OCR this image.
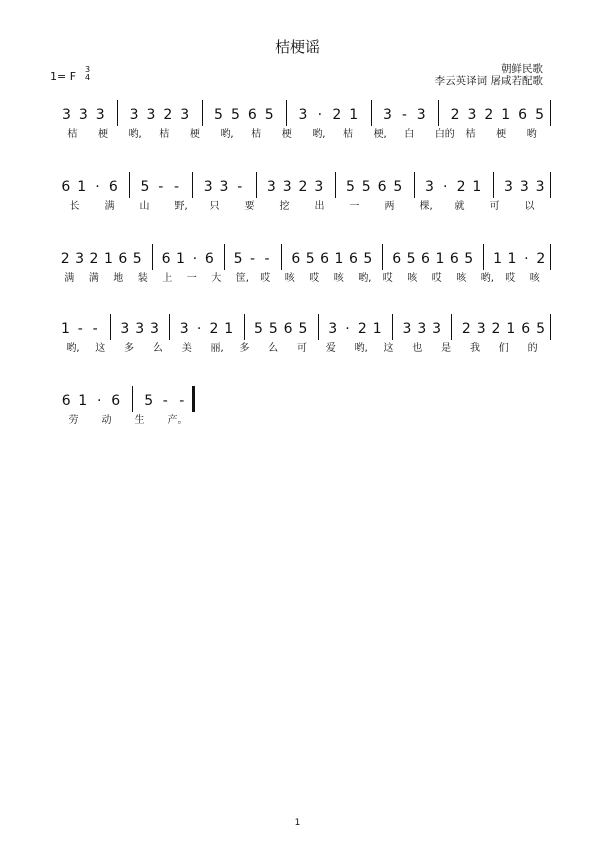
桔梗谣
朝鲜民歌
李云英译词 屠咸若配歌
1= F
3
4
3 3 3 3 3 2 3 5 5 6 5 3 · 2 1 3 - 3 2 3 2 1 6 5
桔 梗 哟, 桔 梗 哟, 桔 梗 哟, 桔 梗, 白 白的 桔 梗 哟
6 1 · 6 5 - -	3 3 -	3 3 2 3 5 5 6 5 3 · 2 1 3 3 3
长	满	山	野, 只	要	挖	出	一	两	棵, 就	可	以
2 3 2 1 6 5 6 1 · 6 5 - -	6 5 6 1 6 5 6 5 6 1 6 5 1 1 · 2
满 满 地 装 上 一 大 筐, 哎 咳 哎 咳 哟, 哎 咳 哎 咳 哟, 哎 咳
1 - -	3 3 3 3 · 2 1 5 5 6 5 3 · 2 1 3 3 3 2 3 2 1 6 5
哟, 这 多 么 美 丽, 多 么 可 爱 哟, 这 也 是 我 们 的
6 1 · 6 5 - -
劳 动 生 产。
1
